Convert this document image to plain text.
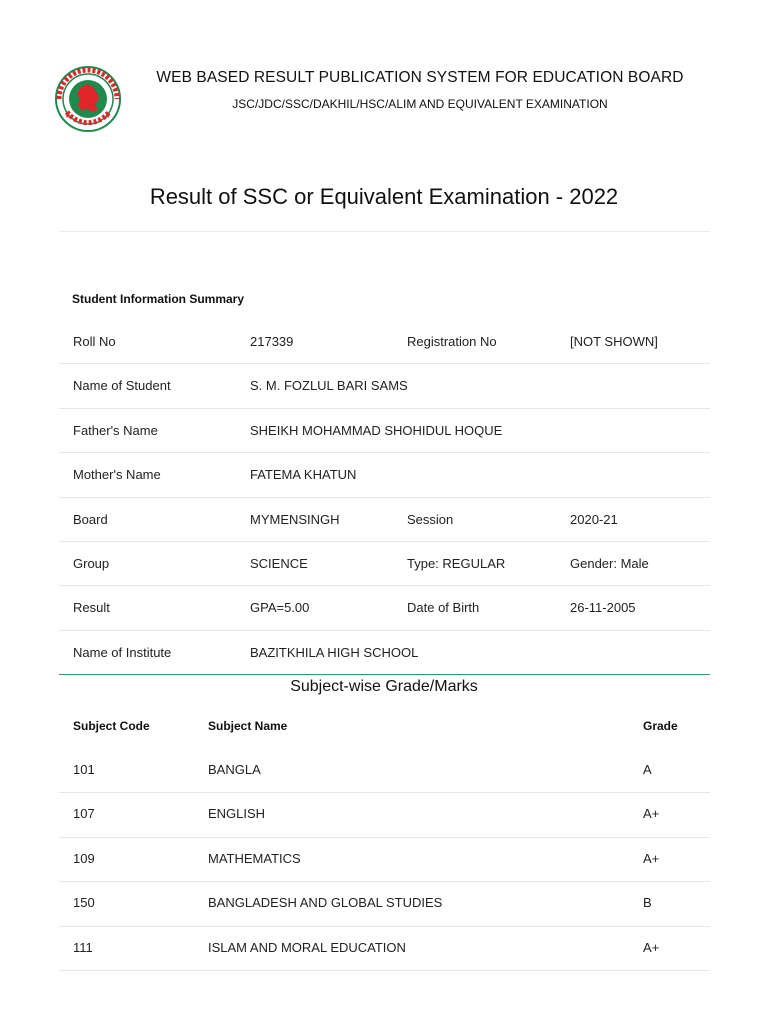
★	★
WEB BASED RESULT PUBLICATION SYSTEM FOR EDUCATION BOARD
JSC/JDC/SSC/DAKHIL/HSC/ALIM AND EQUIVALENT EXAMINATION
Result of SSC or Equivalent Examination - 2022
Student Information Summary
Roll No	217339	Registration No	[NOT SHOWN]
Name of Student	S. M. FOZLUL BARI SAMS
Father's Name	SHEIKH MOHAMMAD SHOHIDUL HOQUE
Mother's Name	FATEMA KHATUN
Board	MYMENSINGH	Session	2020-21
Group	SCIENCE	Type: REGULAR	Gender: Male
Result	GPA=5.00	Date of Birth	26-11-2005
Name of Institute	BAZITKHILA HIGH SCHOOL
Subject-wise Grade/Marks
Subject Code	Subject Name	Grade
101	BANGLA	A
107	ENGLISH	A+
109	MATHEMATICS	A+
150	BANGLADESH AND GLOBAL STUDIES	B
111	ISLAM AND MORAL EDUCATION	A+
